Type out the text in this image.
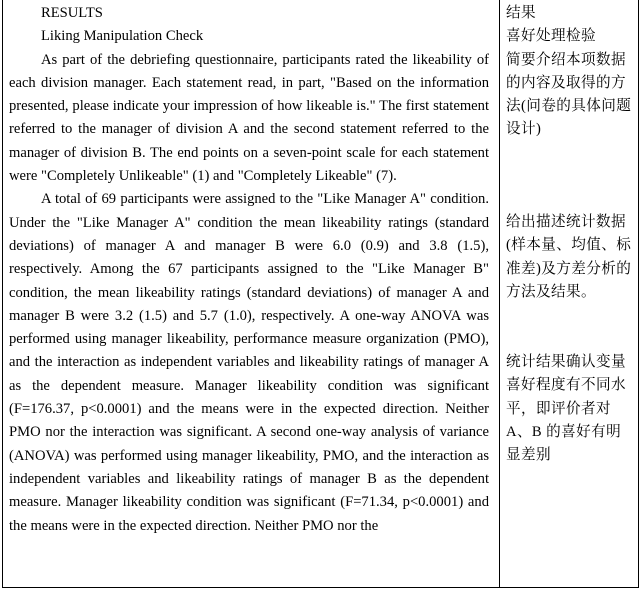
RESULTS

Liking Manipulation Check

As part of the debriefing questionnaire, participants rated the likeability of each division manager. Each statement read, in part, "Based on the information presented, please indicate your impression of how likeable is." The first statement referred to the manager of division A and the second statement referred to the manager of division B. The end points on a seven-point scale for each statement were "Completely Unlikeable" (1) and "Completely Likeable" (7).

A total of 69 participants were assigned to the "Like Manager A" condition. Under the "Like Manager A" condition the mean likeability ratings (standard deviations) of manager A and manager B were 6.0 (0.9) and 3.8 (1.5), respectively. Among the 67 participants assigned to the "Like Manager B" condition, the mean likeability ratings (standard deviations) of manager A and manager B were 3.2 (1.5) and 5.7 (1.0), respectively. A one-way ANOVA was performed using manager likeability, performance measure organization (PMO), and the interaction as independent variables and likeability ratings of manager A as the dependent measure. Manager likeability condition was significant (F=176.37, p<0.0001) and the means were in the expected direction. Neither PMO nor the interaction was significant. A second one-way analysis of variance (ANOVA) was performed using manager likeability, PMO, and the interaction as independent variables and likeability ratings of manager B as the dependent measure. Manager likeability condition was significant (F=71.34, p<0.0001) and the means were in the expected direction. Neither PMO nor the

结果

喜好处理检验

简要介绍本项数据的内容及取得的方法(问卷的具体问题设计)

给出描述统计数据(样本量、均值、标准差)及方差分析的方法及结果。

统计结果确认变量喜好程度有不同水平，即评价者对 A、B 的喜好有明显差别
